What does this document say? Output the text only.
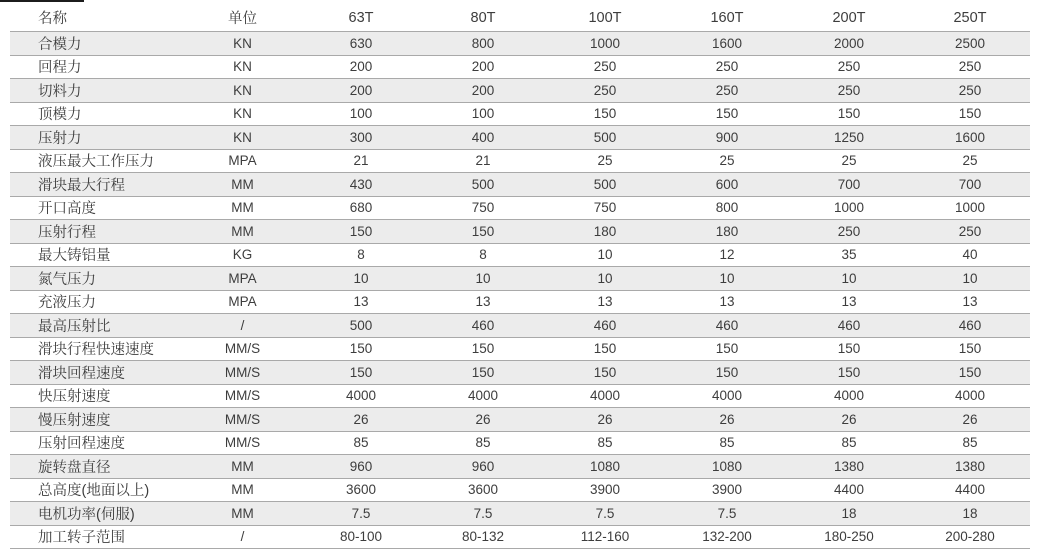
名称	单位	63T	80T	100T	160T	200T	250T
合模力	KN	630	800	1000	1600	2000	2500
回程力	KN	200	200	250	250	250	250
切料力	KN	200	200	250	250	250	250
顶模力	KN	100	100	150	150	150	150
压射力	KN	300	400	500	900	1250	1600
液压最大工作压力	MPA	21	21	25	25	25	25
滑块最大行程	MM	430	500	500	600	700	700
开口高度	MM	680	750	750	800	1000	1000
压射行程	MM	150	150	180	180	250	250
最大铸铝量	KG	8	8	10	12	35	40
氮气压力	MPA	10	10	10	10	10	10
充液压力	MPA	13	13	13	13	13	13
最高压射比	/	500	460	460	460	460	460
滑块行程快速速度	MM/S	150	150	150	150	150	150
滑块回程速度	MM/S	150	150	150	150	150	150
快压射速度	MM/S	4000	4000	4000	4000	4000	4000
慢压射速度	MM/S	26	26	26	26	26	26
压射回程速度	MM/S	85	85	85	85	85	85
旋转盘直径	MM	960	960	1080	1080	1380	1380
总高度(地面以上)	MM	3600	3600	3900	3900	4400	4400
电机功率(伺服)	MM	7.5	7.5	7.5	7.5	18	18
加工转子范围	/	80-100	80-132	112-160	132-200	180-250	200-280
